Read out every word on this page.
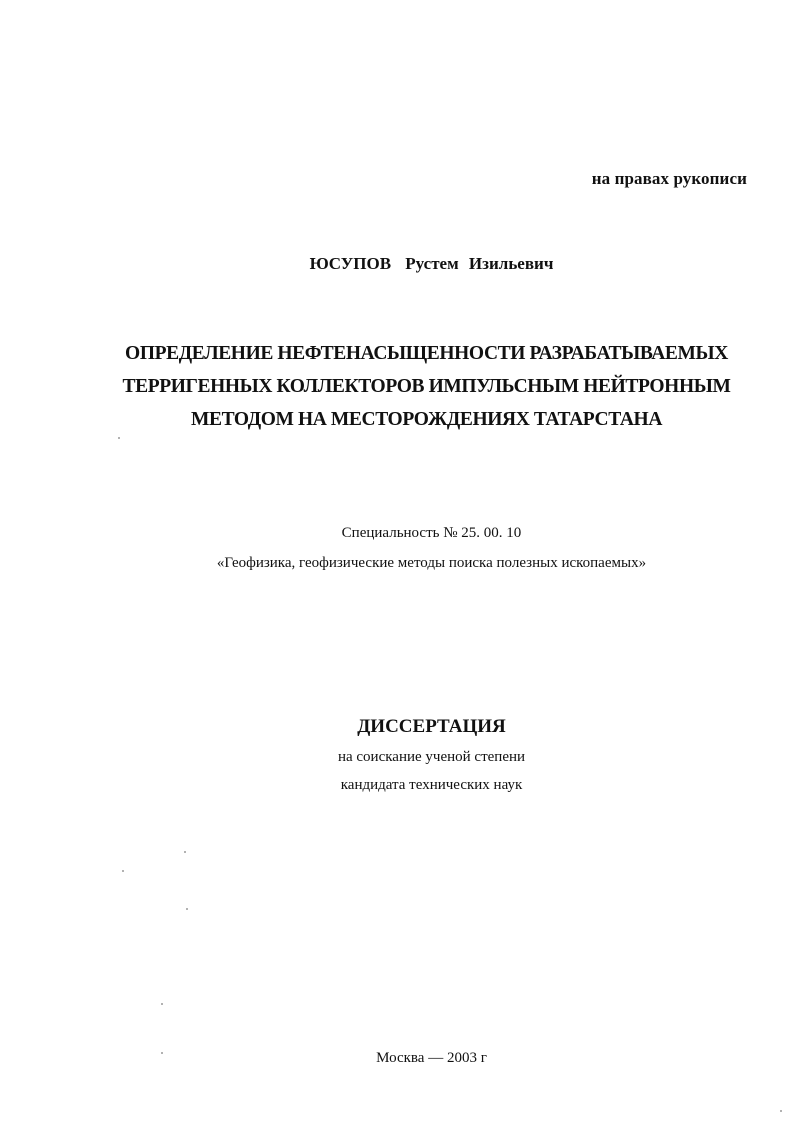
на правах рукописи
ЮСУПОВ Рустем Изильевич
ОПРЕДЕЛЕНИЕ НЕФТЕНАСЫЩЕННОСТИ РАЗРАБАТЫВАЕМЫХ
ТЕРРИГЕННЫХ КОЛЛЕКТОРОВ ИМПУЛЬСНЫМ НЕЙТРОННЫМ
МЕТОДОМ НА МЕСТОРОЖДЕНИЯХ ТАТАРСТАНА
Специальность № 25. 00. 10
«Геофизика, геофизические методы поиска полезных ископаемых»
ДИССЕРТАЦИЯ
на соискание ученой степени
кандидата технических наук
Москва — 2003 г
